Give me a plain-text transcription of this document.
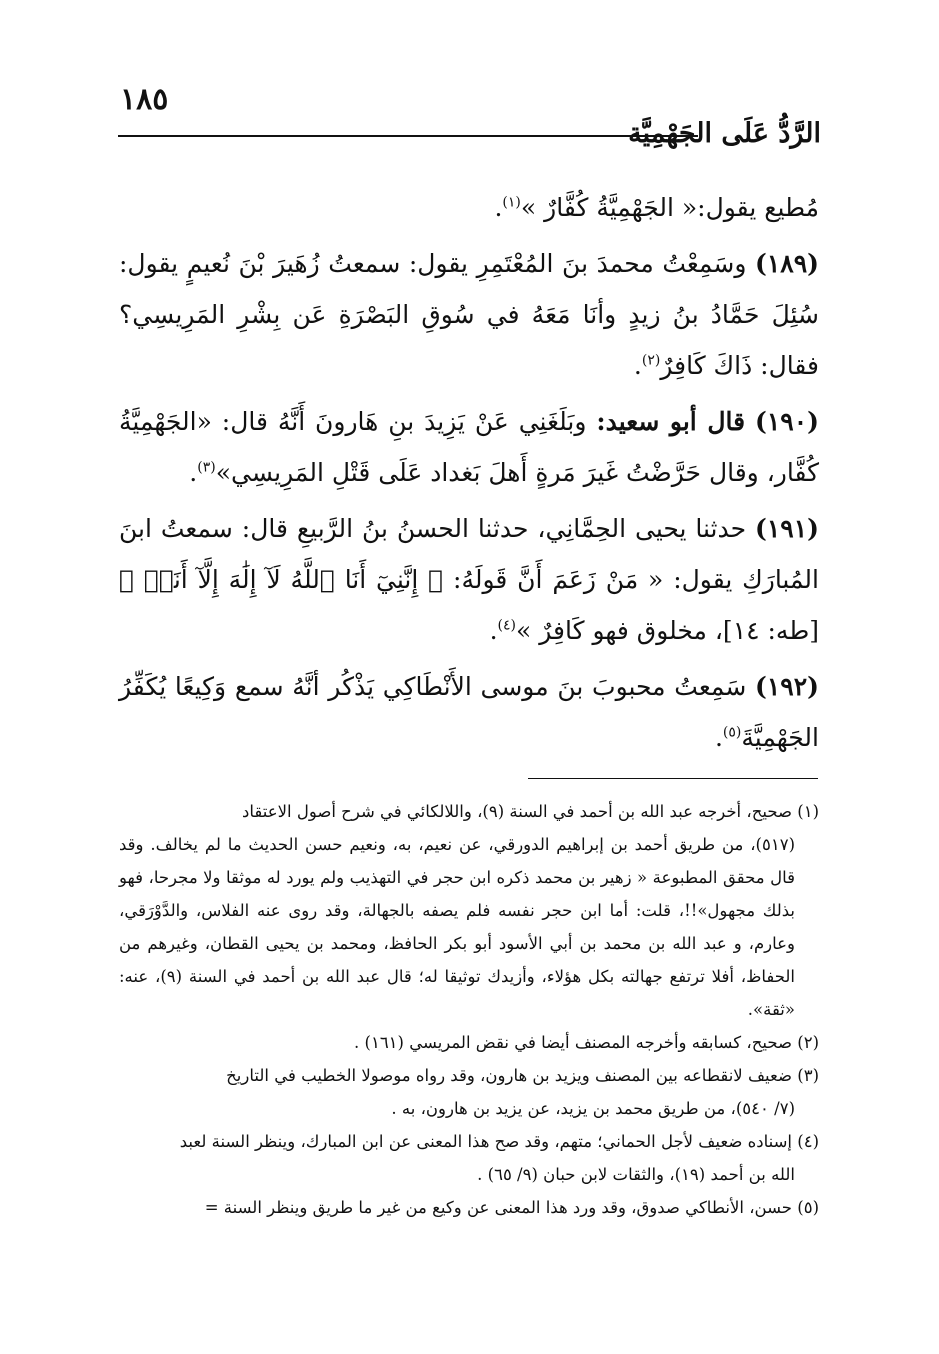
١٨٥
الرَّدُّ عَلَى الجَهْمِيَّة

مُطيع يقول:« الجَهْمِيَّةُ كُفَّارٌ »$^{(١)}$.

(١٨٩) وسَمِعْتُ محمدَ بنَ المُعْتَمِرِ يقول: سمعتُ زُهَيرَ بْنَ نُعيمٍ يقول: سُئِلَ حَمَّادُ بنُ زيدٍ وأنَا مَعَهُ في سُوقِ البَصْرَةِ عَن بِشْرِ المَرِيسِي؟ فقال: ذَاكَ كَافِرٌ$^{(٢)}$.

(١٩٠) قال أبو سعيد: وبَلَغَنِي عَنْ يَزِيدَ بنِ هَارونَ أَنَّهُ قال: «الجَهْمِيَّةُ كُفَّار، وقال حَرَّضْتُ غَيرَ مَرةٍ أَهلَ بَغداد عَلَى قَتْلِ المَرِيسِي»$^{(٣)}$.

(١٩١) حدثنا يحيى الحِمَّانِي، حدثنا الحسنُ بنُ الرَّبيعِ قال: سمعتُ ابنَ المُبارَكِ يقول: « مَنْ زَعَمَ أَنَّ قَولَهُ: ﴿ إِنَّنِيٓ أَنَا ٱللَّهُ لَآ إِلَٰهَ إِلَّآ أَنَا۠ ﴾ [طه: ١٤]، مخلوق فهو كَافِرٌ »$^{(٤)}$.

(١٩٢) سَمِعتُ محبوبَ بنَ موسى الأَنْطَاكِي يَذْكُر أنَّهُ سمع وَكِيعًا يُكَفِّرُ الجَهْمِيَّةَ$^{(٥)}$.

(١) صحيح، أخرجه عبد الله بن أحمد في السنة (٩)، واللالكائي في شرح أصول الاعتقاد

(٥١٧)، من طريق أحمد بن إبراهيم الدورقي، عن نعيم، به، ونعيم حسن الحديث ما لم يخالف. وقد قال محقق المطبوعة « زهير بن محمد ذكره ابن حجر في التهذيب ولم يورد له موثقا ولا مجرحا، فهو بذلك مجهول»!!، قلت: أما ابن حجر نفسه فلم يصفه بالجهالة، وقد روى عنه الفلاس، والدَّوْرَقي، وعارم، و عبد الله بن محمد بن أبي الأسود أبو بكر الحافظ، ومحمد بن يحيى القطان، وغيرهم من الحفاظ، أفلا ترتفع جهالته بكل هؤلاء، وأزيدك توثيقا له؛ قال عبد الله بن أحمد في السنة (٩)، عنه: «ثقة».

(٢) صحيح، كسابقه وأخرجه المصنف أيضا في نقض المريسي (١٦١) .

(٣) ضعيف لانقطاعه بين المصنف ويزيد بن هارون، وقد رواه موصولا الخطيب في التاريخ

(٧/ ٥٤٠)، من طريق محمد بن يزيد، عن يزيد بن هارون، به .

(٤) إسناده ضعيف لأجل الحماني؛ متهم، وقد صح هذا المعنى عن ابن المبارك، وينظر السنة لعبد

الله بن أحمد (١٩)، والثقات لابن حبان (٩/ ٦٥) .

(٥) حسن، الأنطاكي صدوق، وقد ورد هذا المعنى عن وكيع من غير ما طريق وينظر السنة =
